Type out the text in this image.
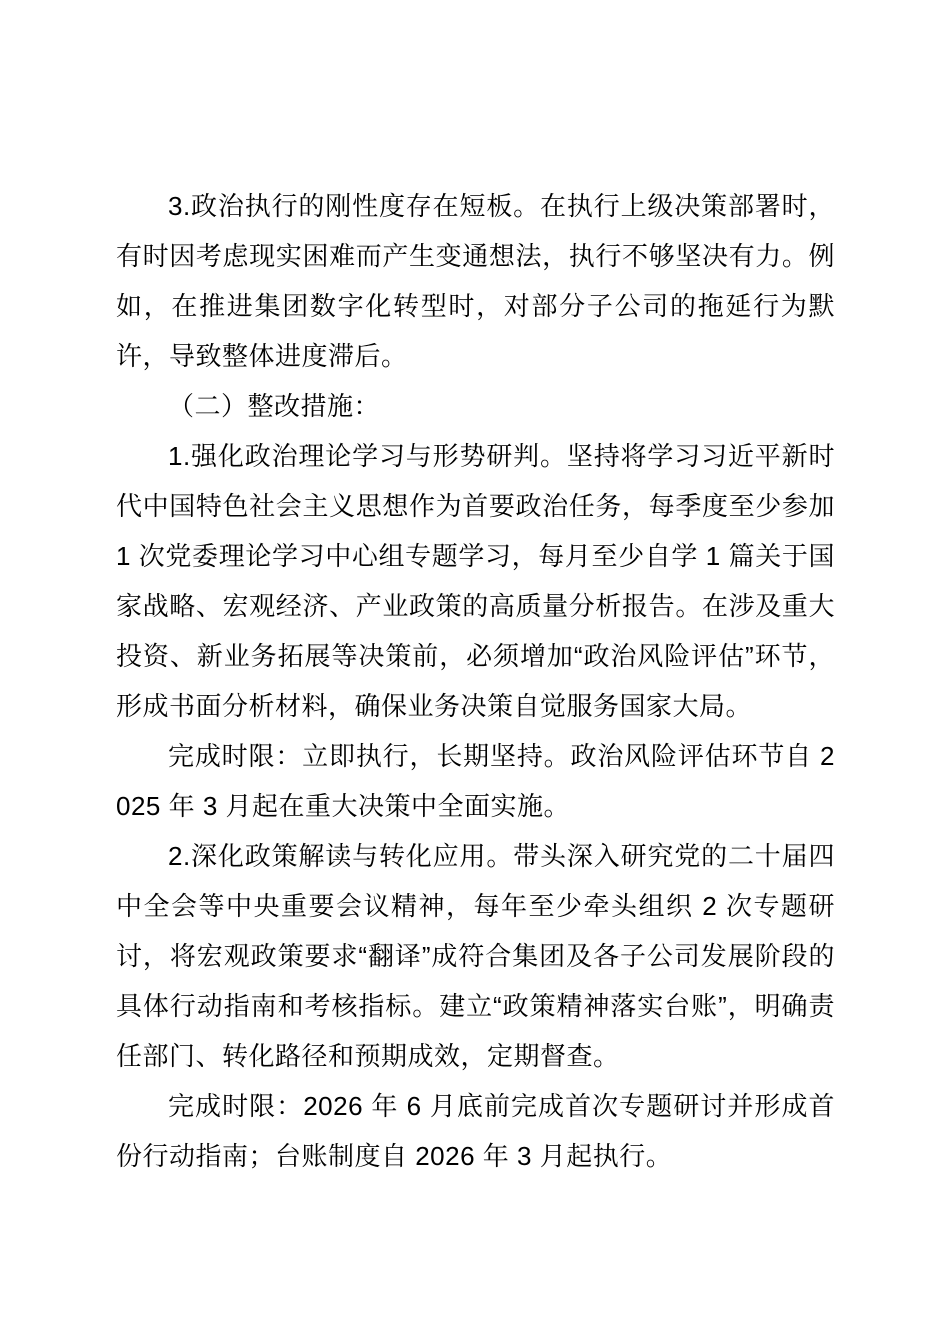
3.政治执行的刚性度存在短板。在执行上级决策部署时，有时因考虑现实困难而产生变通想法，执行不够坚决有力。例如，在推进集团数字化转型时，对部分子公司的拖延行为默许，导致整体进度滞后。

（二）整改措施：

1.强化政治理论学习与形势研判。坚持将学习习近平新时代中国特色社会主义思想作为首要政治任务，每季度至少参加 1 次党委理论学习中心组专题学习，每月至少自学 1 篇关于国家战略、宏观经济、产业政策的高质量分析报告。在涉及重大投资、新业务拓展等决策前，必须增加“政治风险评估”环节，形成书面分析材料，确保业务决策自觉服务国家大局。

完成时限：立即执行，长期坚持。政治风险评估环节自 2025 年 3 月起在重大决策中全面实施。

2.深化政策解读与转化应用。带头深入研究党的二十届四中全会等中央重要会议精神，每年至少牵头组织 2 次专题研讨，将宏观政策要求“翻译”成符合集团及各子公司发展阶段的具体行动指南和考核指标。建立“政策精神落实台账”，明确责任部门、转化路径和预期成效，定期督查。

完成时限：2026 年 6 月底前完成首次专题研讨并形成首份行动指南；台账制度自 2026 年 3 月起执行。
